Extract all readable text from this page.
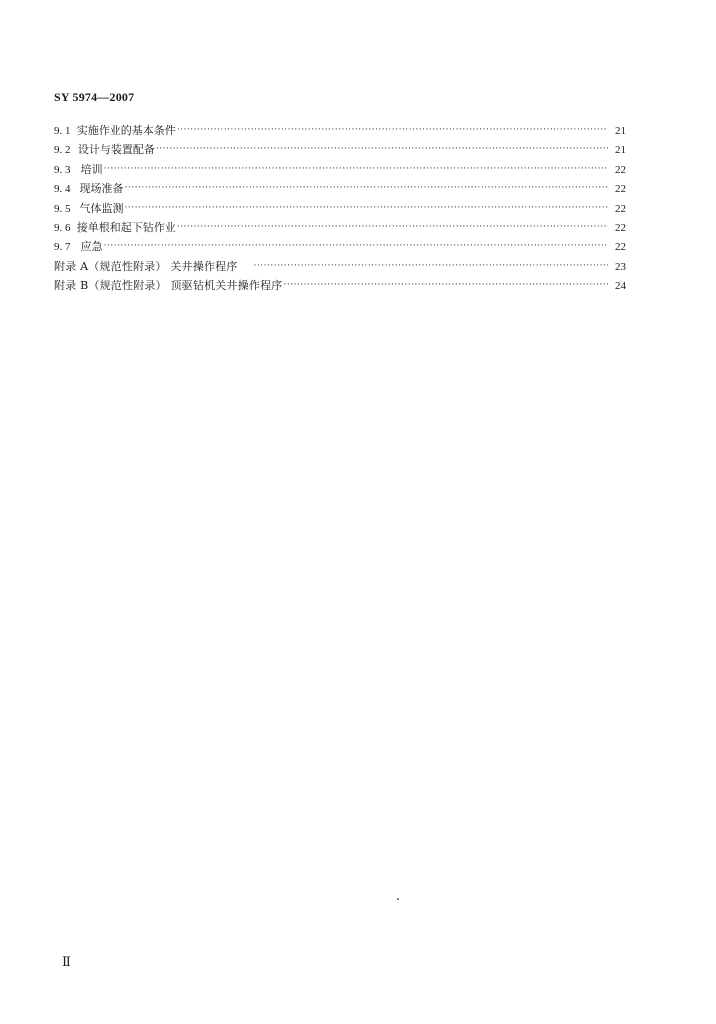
SY 5974—2007
9. 1 实施作业的基本条件 ·····	21
9. 2 设计与装置配备 ·····	21
9. 3 培训 ·····	22
9. 4 现场准备 ·····	22
9. 5 气体监测 ·····	22
9. 6 接单根和起下钻作业 ·····	22
9. 7 应急 ·····	22
附录 A（规范性附录） 关井操作程序 ·····	23
附录 B（规范性附录） 顶驱钻机关井操作程序 ·····	24
Ⅱ
